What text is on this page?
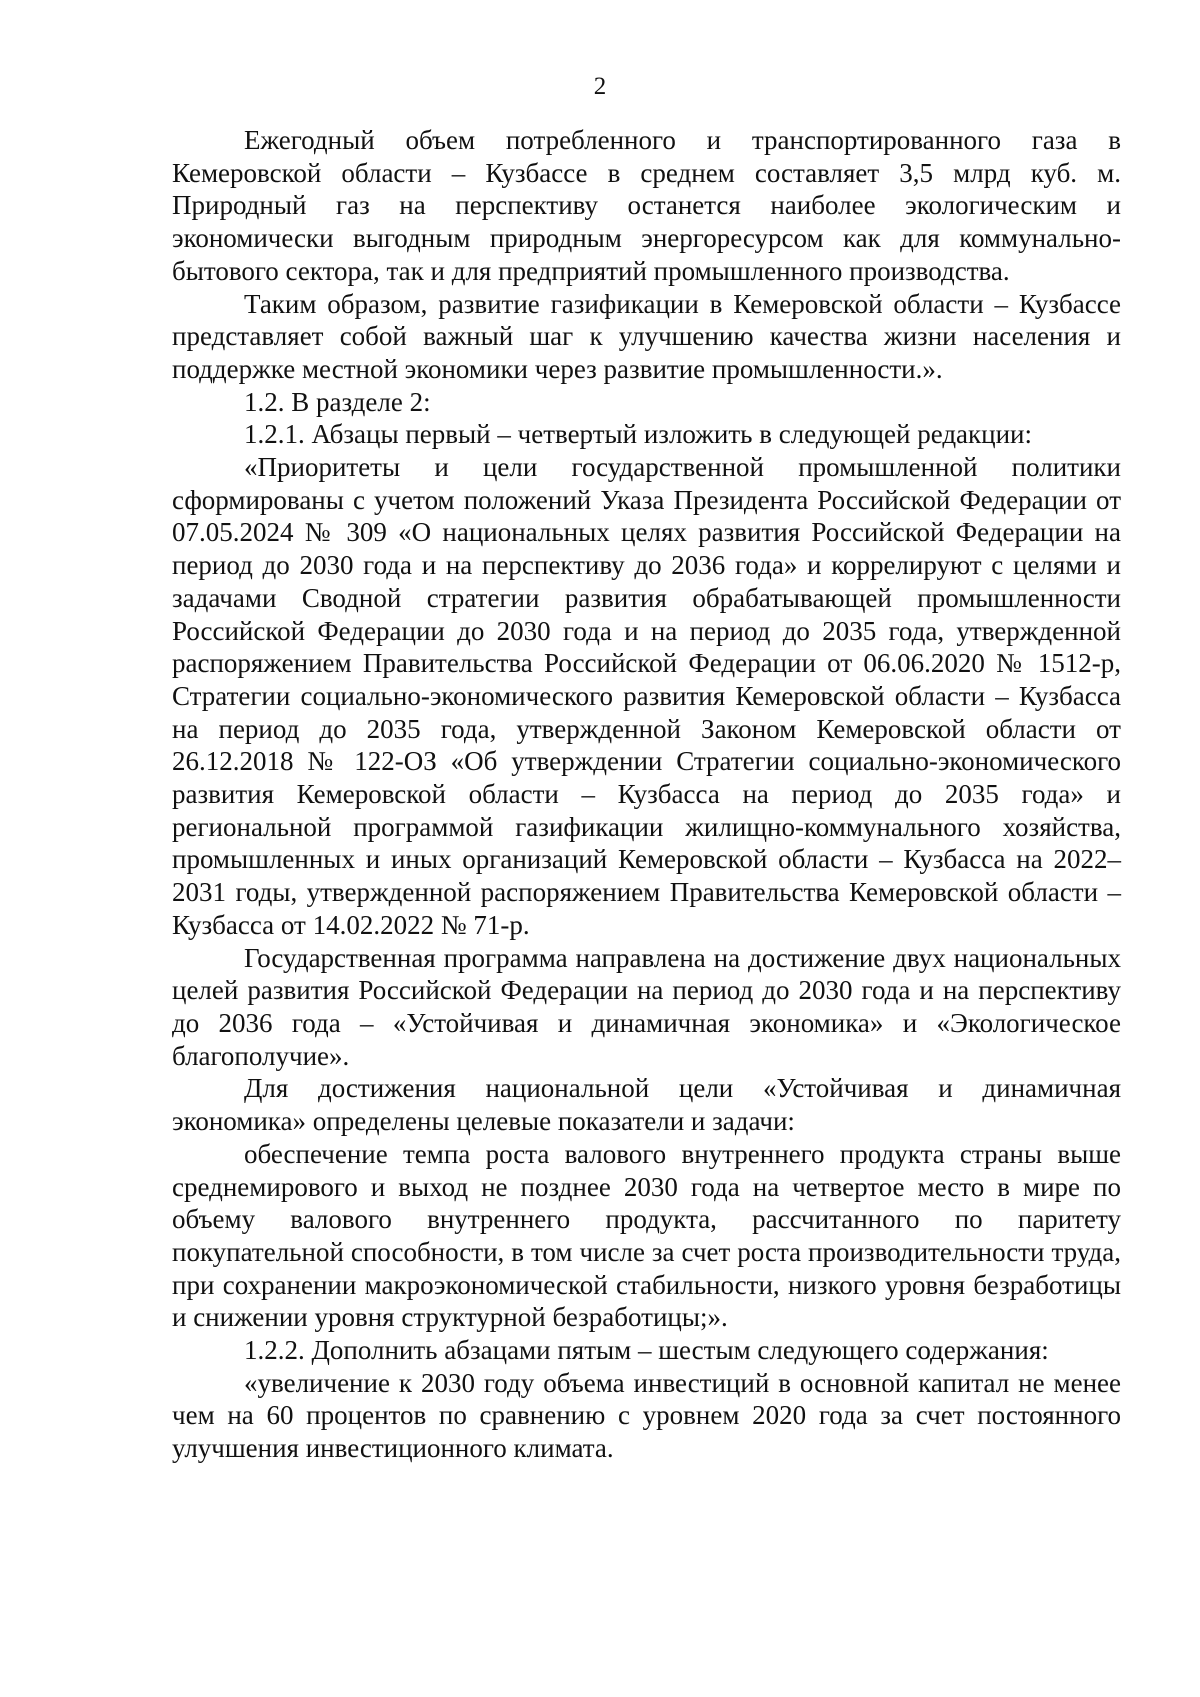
2

Ежегодный объем потребленного и транспортированного газа в Кемеровской области – Кузбассе в среднем составляет 3,5 млрд куб. м. Природный газ на перспективу останется наиболее экологическим и экономически выгодным природным энергоресурсом как для коммунально-бытового сектора, так и для предприятий промышленного производства.

Таким образом, развитие газификации в Кемеровской области – Кузбассе представляет собой важный шаг к улучшению качества жизни населения и поддержке местной экономики через развитие промышленности.».

1.2. В разделе 2:

1.2.1. Абзацы первый – четвертый изложить в следующей редакции:

«Приоритеты и цели государственной промышленной политики сформированы с учетом положений Указа Президента Российской Федерации от 07.05.2024 № 309 «О национальных целях развития Российской Федерации на период до 2030 года и на перспективу до 2036 года» и коррелируют с целями и задачами Сводной стратегии развития обрабатывающей промышленности Российской Федерации до 2030 года и на период до 2035 года, утвержденной распоряжением Правительства Российской Федерации от 06.06.2020 № 1512-р, Стратегии социально-экономического развития Кемеровской области – Кузбасса на период до 2035 года, утвержденной Законом Кемеровской области от 26.12.2018 № 122-ОЗ «Об утверждении Стратегии социально-экономического развития Кемеровской области – Кузбасса на период до 2035 года» и региональной программой газификации жилищно-коммунального хозяйства, промышленных и иных организаций Кемеровской области – Кузбасса на 2022–2031 годы, утвержденной распоряжением Правительства Кемеровской области – Кузбасса от 14.02.2022 № 71-р.

Государственная программа направлена на достижение двух национальных целей развития Российской Федерации на период до 2030 года и на перспективу до 2036 года – «Устойчивая и динамичная экономика» и «Экологическое благополучие».

Для достижения национальной цели «Устойчивая и динамичная экономика» определены целевые показатели и задачи:

обеспечение темпа роста валового внутреннего продукта страны выше среднемирового и выход не позднее 2030 года на четвертое место в мире по объему валового внутреннего продукта, рассчитанного по паритету покупательной способности, в том числе за счет роста производительности труда, при сохранении макроэкономической стабильности, низкого уровня безработицы и снижении уровня структурной безработицы;».

1.2.2. Дополнить абзацами пятым – шестым следующего содержания:

«увеличение к 2030 году объема инвестиций в основной капитал не менее чем на 60 процентов по сравнению с уровнем 2020 года за счет постоянного улучшения инвестиционного климата.
